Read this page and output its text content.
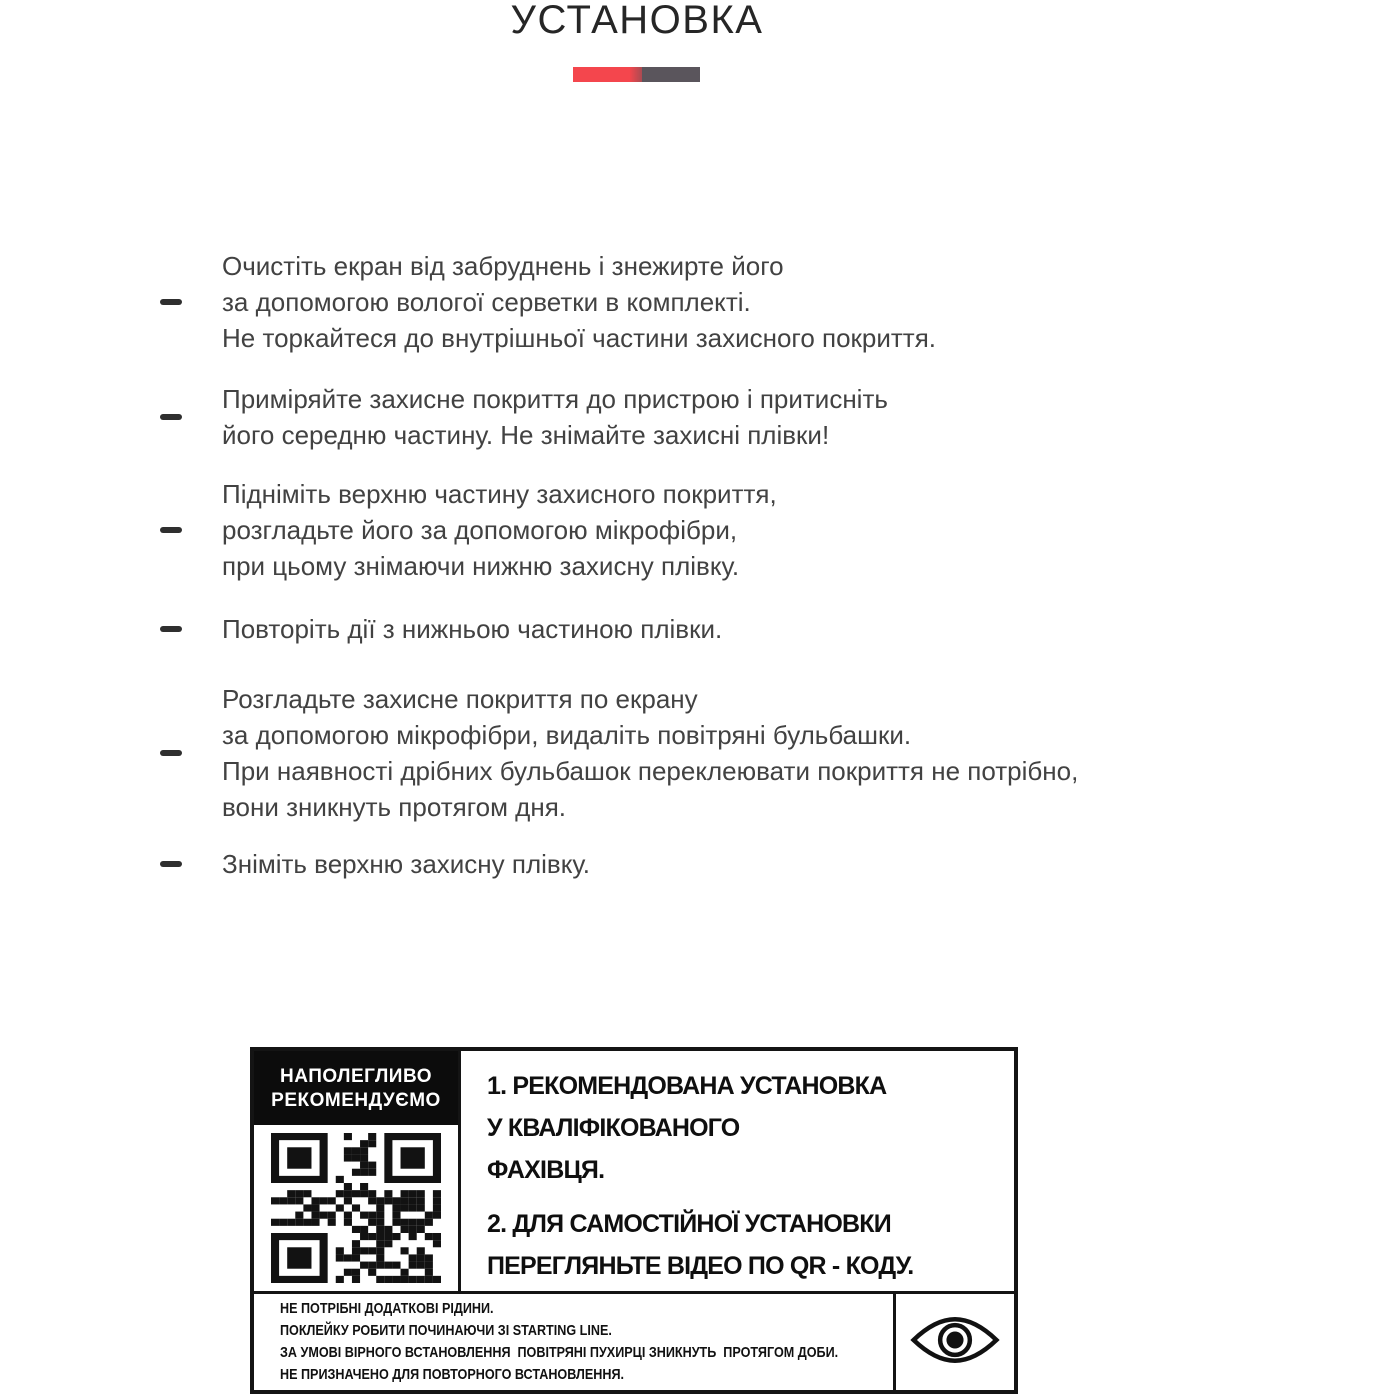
УСТАНОВКА
Очистіть екран від забруднень і знежирте його
за допомогою вологої серветки в комплекті.
Не торкайтеся до внутрішньої частини захисного покриття.
Приміряйте захисне покриття до пристрою і притисніть
його середню частину. Не знімайте захисні плівки!
Підніміть верхню частину захисного покриття,
розгладьте його за допомогою мікрофібри,
при цьому знімаючи нижню захисну плівку.
Повторіть дії з нижньою частиною плівки.
Розгладьте захисне покриття по екрану
за допомогою мікрофібри, видаліть повітряні бульбашки.
При наявності дрібних бульбашок переклеювати покриття не потрібно,
вони зникнуть протягом дня.
Зніміть верхню захисну плівку.
НАПОЛЕГЛИВО
РЕКОМЕНДУЄМО
1. РЕКОМЕНДОВАНА УСТАНОВКА
У КВАЛІФІКОВАНОГО
ФАХІВЦЯ.
2. ДЛЯ САМОСТІЙНОЇ УСТАНОВКИ
ПЕРЕГЛЯНЬТЕ ВІДЕО ПО QR - КОДУ.
НЕ ПОТРІБНІ ДОДАТКОВІ РІДИНИ.
ПОКЛЕЙКУ РОБИТИ ПОЧИНАЮЧИ ЗІ STARTING LINE.
ЗА УМОВІ ВІРНОГО ВСТАНОВЛЕННЯ  ПОВІТРЯНІ ПУХИРЦІ ЗНИКНУТЬ  ПРОТЯГОМ ДОБИ.
НЕ ПРИЗНАЧЕНО ДЛЯ ПОВТОРНОГО ВСТАНОВЛЕННЯ.
